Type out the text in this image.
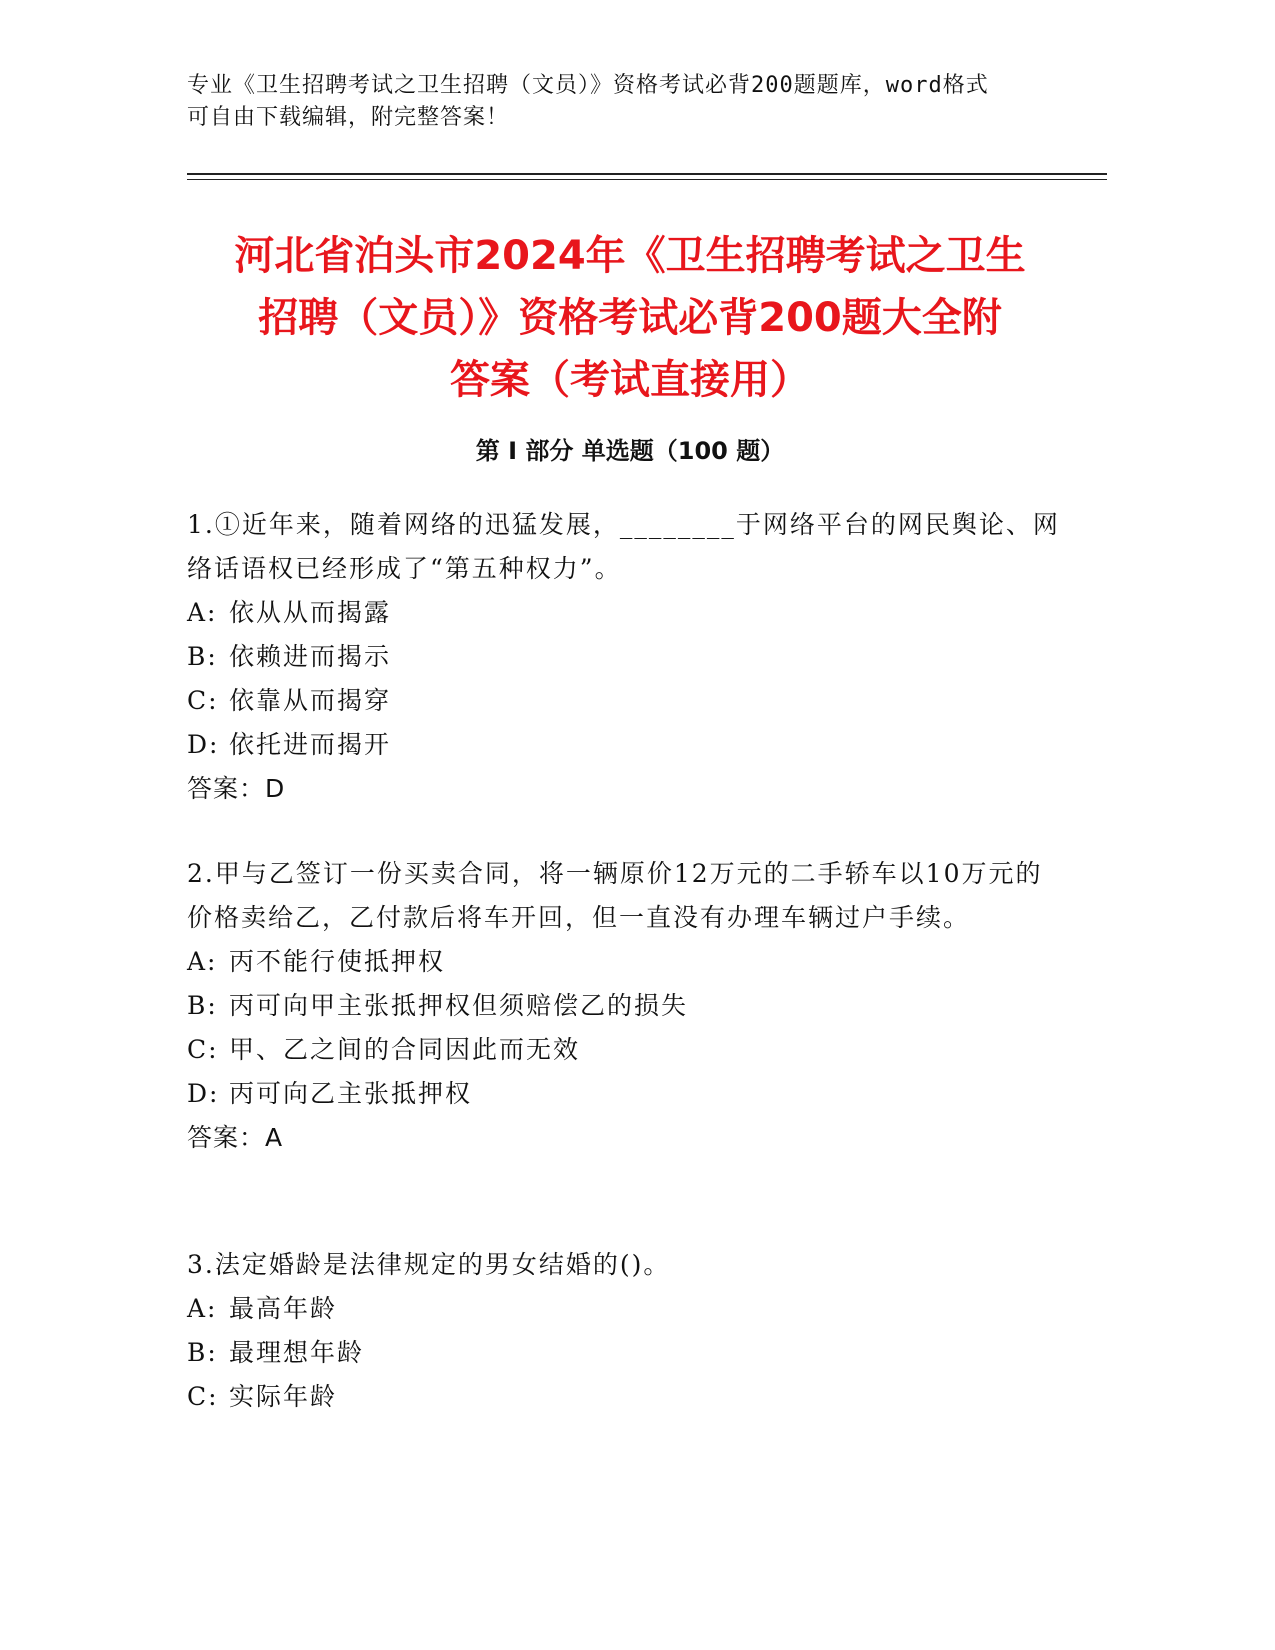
专业《卫生招聘考试之卫生招聘（文员）》资格考试必背200题题库，word格式
可自由下载编辑，附完整答案！
河北省泊头市2024年《卫生招聘考试之卫生
招聘（文员）》资格考试必背200题大全附
答案（考试直接用）
第 I 部分 单选题（100 题）
1.①近年来，随着网络的迅猛发展，________于网络平台的网民舆论、网络话语权已经形成了“第五种权力”。
A: 依从从而揭露
B: 依赖进而揭示
C: 依靠从而揭穿
D: 依托进而揭开
答案：D
2.甲与乙签订一份买卖合同，将一辆原价12万元的二手轿车以10万元的价格卖给乙，乙付款后将车开回，但一直没有办理车辆过户手续。
A: 丙不能行使抵押权
B: 丙可向甲主张抵押权但须赔偿乙的损失
C: 甲、乙之间的合同因此而无效
D: 丙可向乙主张抵押权
答案：A
3.法定婚龄是法律规定的男女结婚的()。
A: 最高年龄
B: 最理想年龄
C: 实际年龄
